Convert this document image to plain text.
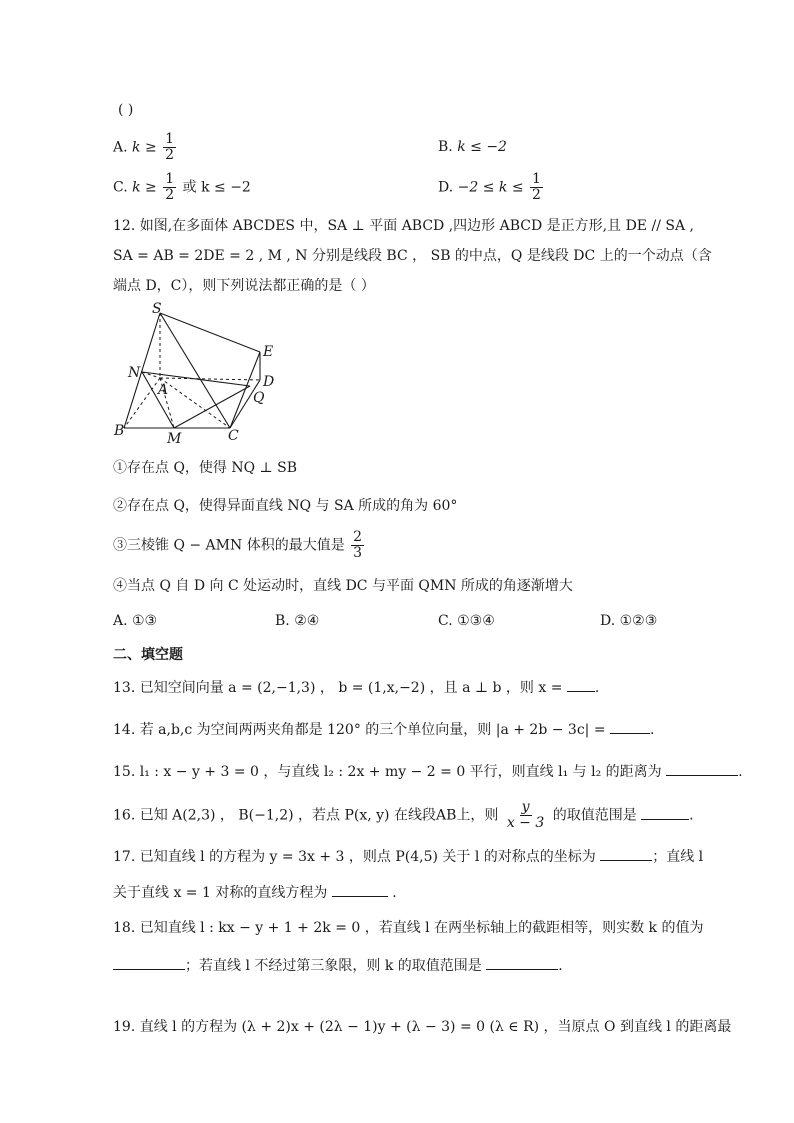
( )
A. $k \ge \frac{1}{2}$	B. k ≤ −2
C. $k \ge \frac{1}{2}$ 或 k ≤ −2	D. $-2 \le k \le \frac{1}{2}$
12. 如图,在多面体 ABCDES 中，SA ⊥ 平面 ABCD ,四边形 ABCD 是正方形,且 DE // SA ,
SA = AB = 2DE = 2 , M , N 分别是线段 BC ， SB 的中点，Q 是线段 DC 上的一个动点（含
端点 D，C），则下列说法都正确的是（ ）
S
E
N
A	D
Q
B	M	C
①存在点 Q，使得 NQ ⊥ SB
②存在点 Q，使得异面直线 NQ 与 SA 所成的角为 60°
③三棱锥 Q − AMN 体积的最大值是 $\frac{2}{3}$
④当点 Q 自 D 向 C 处运动时，直线 DC 与平面 QMN 所成的角逐渐增大
A. ①③	B. ②④	C. ①③④	D. ①②③
二、填空题
13. 已知空间向量 a = (2,−1,3) ， b = (1,x,−2) ，且 a ⊥ b ，则 x = .
14. 若 a,b,c 为空间两两夹角都是 120° 的三个单位向量，则 |a + 2b − 3c| =	.
15. l₁ : x − y + 3 = 0 ，与直线 l₂ : 2x + my − 2 = 0 平行，则直线 l₁ 与 l₂ 的距离为	.
16. 已知 A(2,3) ， B(−1,2) ，若点 P(x, y) 在线段AB上，则 $\frac{y}{x - 3}$ 的取值范围是	.
17. 已知直线 l 的方程为 y = 3x + 3 ，则点 P(4,5) 关于 l 的对称点的坐标为	；直线 l
关于直线 x = 1 对称的直线方程为	.
18. 已知直线 l : kx − y + 1 + 2k = 0 ，若直线 l 在两坐标轴上的截距相等，则实数 k 的值为
；若直线 l 不经过第三象限，则 k 的取值范围是	.
19. 直线 l 的方程为 (λ + 2)x + (2λ − 1)y + (λ − 3) = 0 (λ ∈ R) ，当原点 O 到直线 l 的距离最
